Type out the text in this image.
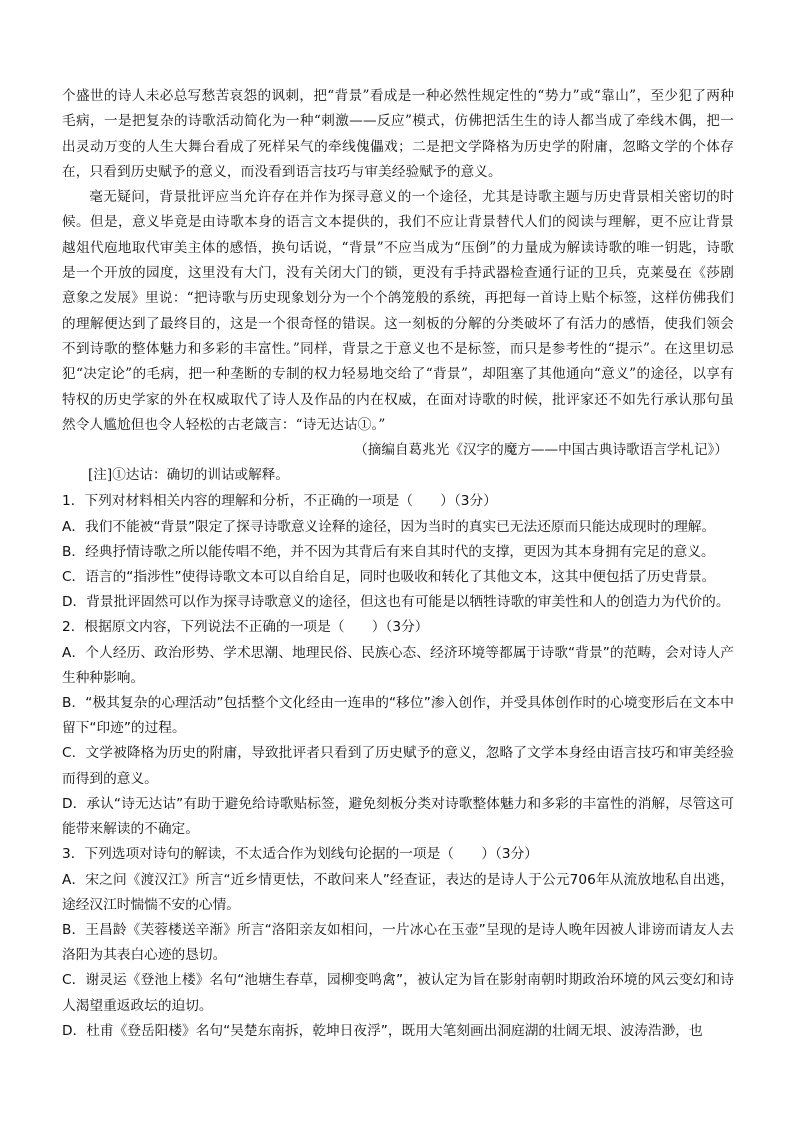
个盛世的诗人未必总写愁苦哀怨的讽刺，把“背景”看成是一种必然性规定性的“势力”或“靠山”，至少犯了两种毛病，一是把复杂的诗歌活动简化为一种“刺激——反应”模式，仿佛把活生生的诗人都当成了牵线木偶，把一出灵动万变的人生大舞台看成了死样呆气的牵线傀儡戏；二是把文学降格为历史学的附庸，忽略文学的个体存在，只看到历史赋予的意义，而没看到语言技巧与审美经验赋予的意义。

毫无疑问，背景批评应当允许存在并作为探寻意义的一个途径，尤其是诗歌主题与历史背景相关密切的时候。但是，意义毕竟是由诗歌本身的语言文本提供的，我们不应让背景替代人们的阅读与理解，更不应让背景越俎代庖地取代审美主体的感悟，换句话说，“背景”不应当成为“压倒”的力量成为解读诗歌的唯一钥匙，诗歌是一个开放的园度，这里没有大门，没有关闭大门的锁，更没有手持武器检查通行证的卫兵，克莱曼在《莎剧意象之发展》里说：“把诗歌与历史现象划分为一个个鸽笼般的系统，再把每一首诗上贴个标签，这样仿佛我们的理解便达到了最终目的，这是一个很奇怪的错误。这一刻板的分解的分类破坏了有活力的感悟，使我们领会不到诗歌的整体魅力和多彩的丰富性。”同样，背景之于意义也不是标签，而只是参考性的“提示”。在这里切忌犯“决定论”的毛病，把一种垄断的专制的权力轻易地交给了“背景”，却阻塞了其他通向“意义”的途径，以享有特权的历史学家的外在权威取代了诗人及作品的内在权威，在面对诗歌的时候，批评家还不如先行承认那句虽然令人尴尬但也令人轻松的古老箴言：“诗无达诂①。”

（摘编自葛兆光《汉字的魔方——中国古典诗歌语言学札记》）

[注]①达诂：确切的训诂或解释。

1．下列对材料相关内容的理解和分析，不正确的一项是（　　）（3分）

A．我们不能被“背景”限定了探寻诗歌意义诠释的途径，因为当时的真实已无法还原而只能达成现时的理解。

B．经典抒情诗歌之所以能传唱不绝，并不因为其背后有来自其时代的支撑，更因为其本身拥有完足的意义。

C．语言的“指涉性”使得诗歌文本可以自给自足，同时也吸收和转化了其他文本，这其中便包括了历史背景。

D．背景批评固然可以作为探寻诗歌意义的途径，但这也有可能是以牺牲诗歌的审美性和人的创造力为代价的。

2．根据原文内容，下列说法不正确的一项是（　　）（3分）

A．个人经历、政治形势、学术思潮、地理民俗、民族心态、经济环境等都属于诗歌“背景”的范畴，会对诗人产生种种影响。

B．“极其复杂的心理活动”包括整个文化经由一连串的“移位”渗入创作，并受具体创作时的心境变形后在文本中留下“印迹”的过程。

C．文学被降格为历史的附庸，导致批评者只看到了历史赋予的意义，忽略了文学本身经由语言技巧和审美经验而得到的意义。

D．承认“诗无达诂”有助于避免给诗歌贴标签，避免刻板分类对诗歌整体魅力和多彩的丰富性的消解，尽管这可能带来解读的不确定。

3．下列选项对诗句的解读，不太适合作为划线句论据的一项是（　　）（3分）

A．宋之问《渡汉江》所言“近乡情更怯，不敢问来人”经查证，表达的是诗人于公元706年从流放地私自出逃，途经汉江时惴惴不安的心情。

B．王昌龄《芙蓉楼送辛渐》所言“洛阳亲友如相问，一片冰心在玉壶”呈现的是诗人晚年因被人诽谤而请友人去洛阳为其表白心迹的恳切。

C．谢灵运《登池上楼》名句“池塘生春草，园柳变鸣禽”，被认定为旨在影射南朝时期政治环境的风云变幻和诗人渴望重返政坛的迫切。

D．杜甫《登岳阳楼》名句“吴楚东南拆，乾坤日夜浮”，既用大笔刻画出洞庭湖的壮阔无垠、波涛浩渺，也
